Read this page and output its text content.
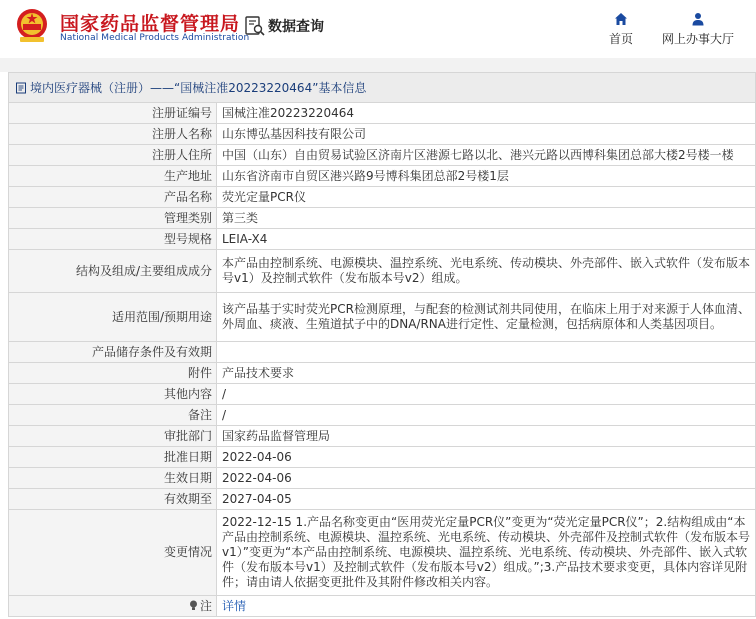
国家药品监督管理局
National Medical Products Administration
数据查询
首页 网上办事大厅
境内医疗器械（注册）——“国械注准20223220464”基本信息
注册证编号	国械注准20223220464
注册人名称	山东博弘基因科技有限公司
注册人住所	中国（山东）自由贸易试验区济南片区港源七路以北、港兴元路以西博科集团总部大楼2号楼一楼
生产地址	山东省济南市自贸区港兴路9号博科集团总部2号楼1层
产品名称	荧光定量PCR仪
管理类别	第三类
型号规格	LEIA-X4
结构及组成/主要组成成分	本产品由控制系统、电源模块、温控系统、光电系统、传动模块、外壳部件、嵌入式软件（发布版本号v1）及控制式软件（发布版本号v2）组成。
适用范围/预期用途	该产品基于实时荧光PCR检测原理，与配套的检测试剂共同使用，在临床上用于对来源于人体血清、外周血、痰液、生殖道拭子中的DNA/RNA进行定性、定量检测，包括病原体和人类基因项目。
产品储存条件及有效期	
附件	产品技术要求
其他内容	/
备注	/
审批部门	国家药品监督管理局
批准日期	2022-04-06
生效日期	2022-04-06
有效期至	2027-04-05
变更情况	2022-12-15 1.产品名称变更由“医用荧光定量PCR仪”变更为“荧光定量PCR仪”；2.结构组成由“本产品由控制系统、电源模块、温控系统、光电系统、传动模块、外壳部件及控制式软件（发布版本号v1）”变更为“本产品由控制系统、电源模块、温控系统、光电系统、传动模块、外壳部件、嵌入式软件（发布版本号v1）及控制式软件（发布版本号v2）组成。”;3.产品技术要求变更，具体内容详见附件；请由请人依据变更批件及其附件修改相关内容。
注	详情
